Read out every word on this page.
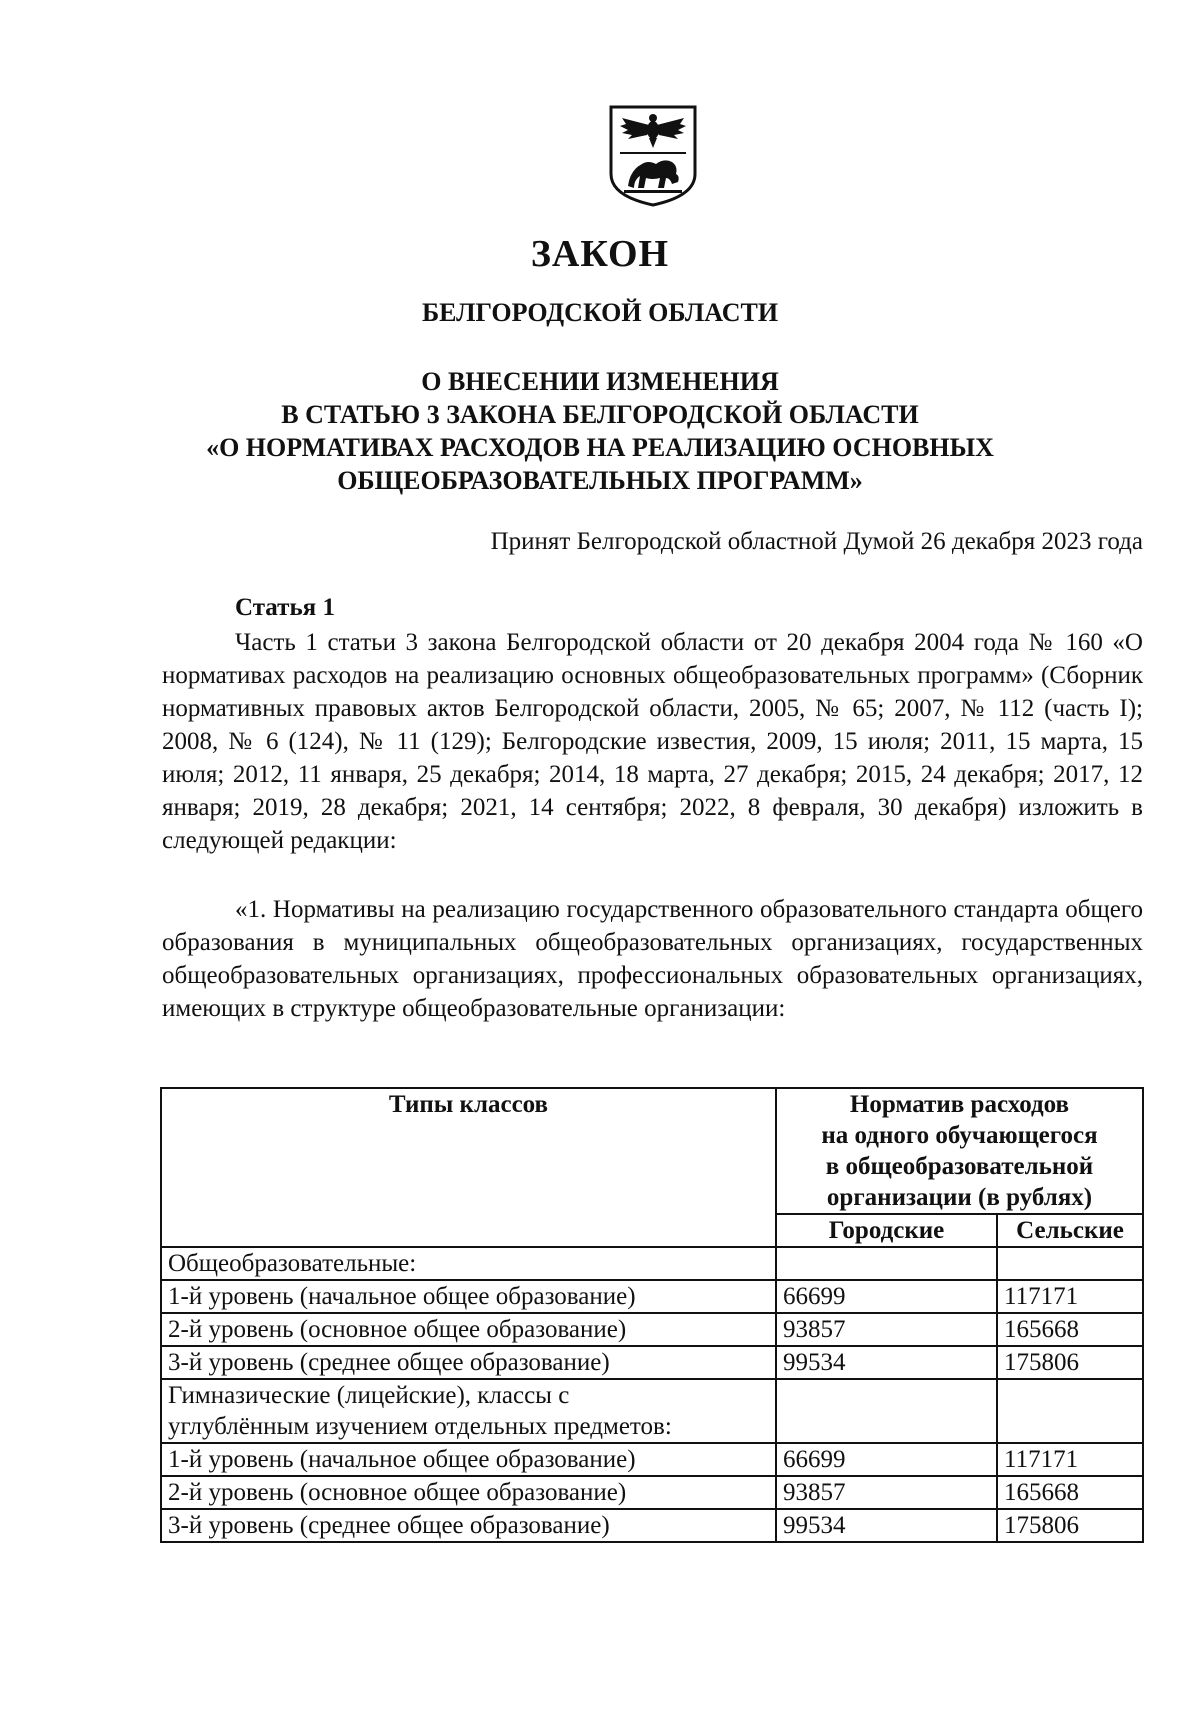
ЗАКОН
БЕЛГОРОДСКОЙ ОБЛАСТИ
О ВНЕСЕНИИ ИЗМЕНЕНИЯ
В СТАТЬЮ 3 ЗАКОНА БЕЛГОРОДСКОЙ ОБЛАСТИ
«О НОРМАТИВАХ РАСХОДОВ НА РЕАЛИЗАЦИЮ ОСНОВНЫХ
ОБЩЕОБРАЗОВАТЕЛЬНЫХ ПРОГРАММ»
Принят Белгородской областной Думой 26 декабря 2023 года
Статья 1

Часть 1 статьи 3 закона Белгородской области от 20 декабря 2004 года № 160 «О нормативах расходов на реализацию основных общеобразовательных программ» (Сборник нормативных правовых актов Белгородской области, 2005, № 65; 2007, № 112 (часть I); 2008, № 6 (124), № 11 (129); Белгородские известия, 2009, 15 июля; 2011, 15 марта, 15 июля; 2012, 11 января, 25 декабря; 2014, 18 марта, 27 декабря; 2015, 24 декабря; 2017, 12 января; 2019, 28 декабря; 2021, 14 сентября; 2022, 8 февраля, 30 декабря) изложить в следующей редакции:

«1. Нормативы на реализацию государственного образовательного стандарта общего образования в муниципальных общеобразовательных организациях, государственных общеобразовательных организациях, профессиональных образовательных организациях, имеющих в структуре общеобразовательные организации:

Типы классов	Норматив расходов
на одного обучающегося
в общеобразовательной
организации (в рублях)	

	Городские	Сельские
Общеобразовательные:		
1-й уровень (начальное общее образование)	66699	117171
2-й уровень (основное общее образование)	93857	165668
3-й уровень (среднее общее образование)	99534	175806

Гимназические (лицейские), классы с
углублённым изучением отдельных предметов:		

1-й уровень (начальное общее образование)	66699	117171
2-й уровень (основное общее образование)	93857	165668
3-й уровень (среднее общее образование)	99534	175806
